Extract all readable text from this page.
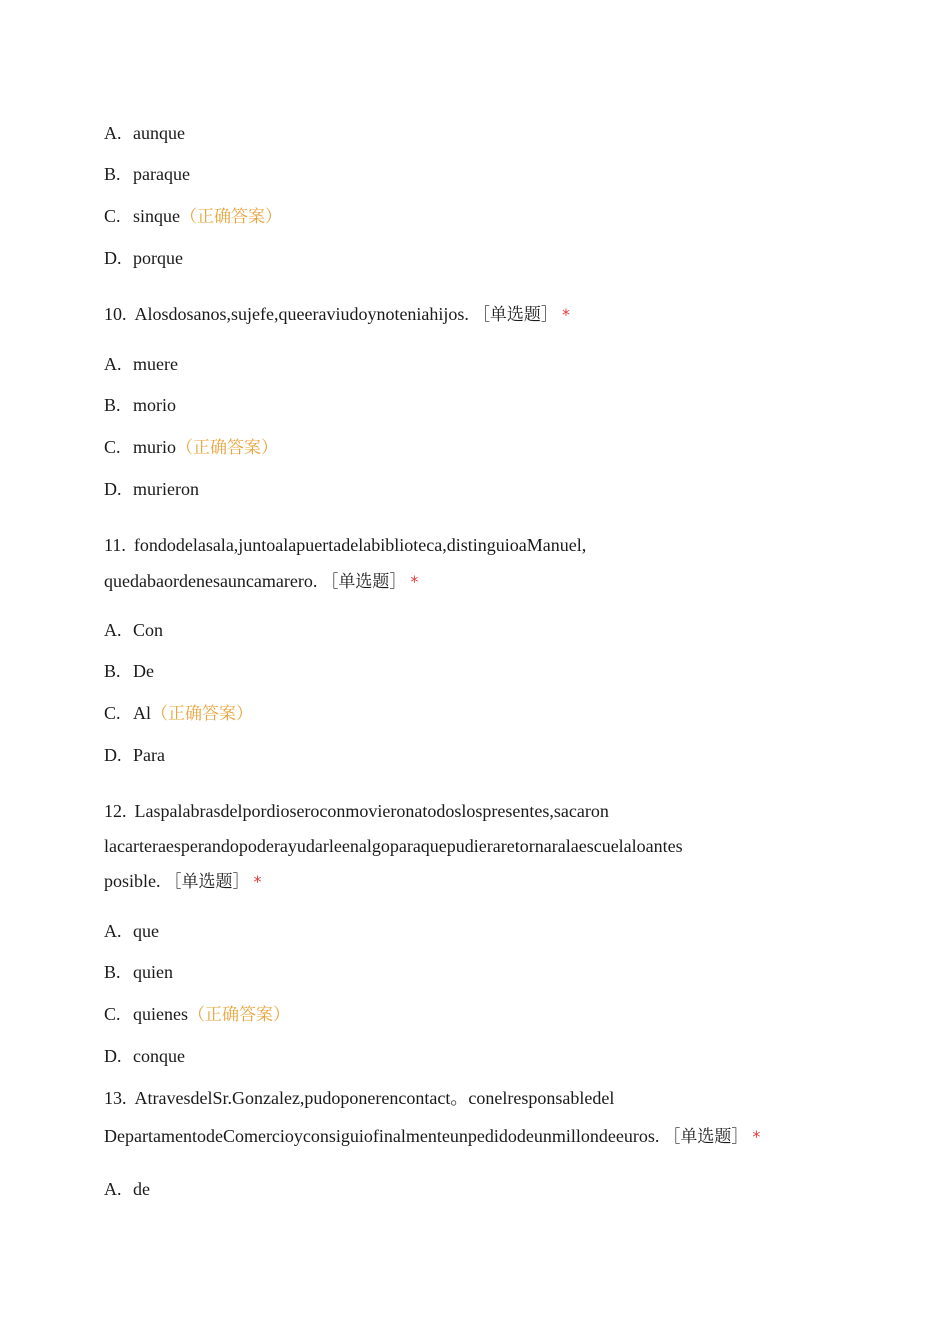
A. aunque
B. paraque
C. sinque（正确答案）
D. porque
10. Alosdosanos,sujefe,queeraviudoynoteniahijos. ［单选题］ *
A. muere
B. morio
C. murio（正确答案）
D. murieron
11. fondodelasala,juntoalapuertadelabiblioteca,distinguioaManuel,
quedabaordenesauncamarero. ［单选题］ *
A. Con
B. De
C. Al（正确答案）
D. Para
12. Laspalabrasdelpordioseroconmovieronatodoslospresentes,sacaron
lacarteraesperandopoderayudarleenalgoparaquepudieraretornaralaescuelaloantes
posible. ［单选题］ *
A. que
B. quien
C. quienes（正确答案）
D. conque
13. AtravesdelSr.Gonzalez,pudoponerencontact。conelresponsabledel
DepartamentodeComercioyconsiguiofinalmenteunpedidodeunmillondeeuros. ［单选题］ *
A. de
